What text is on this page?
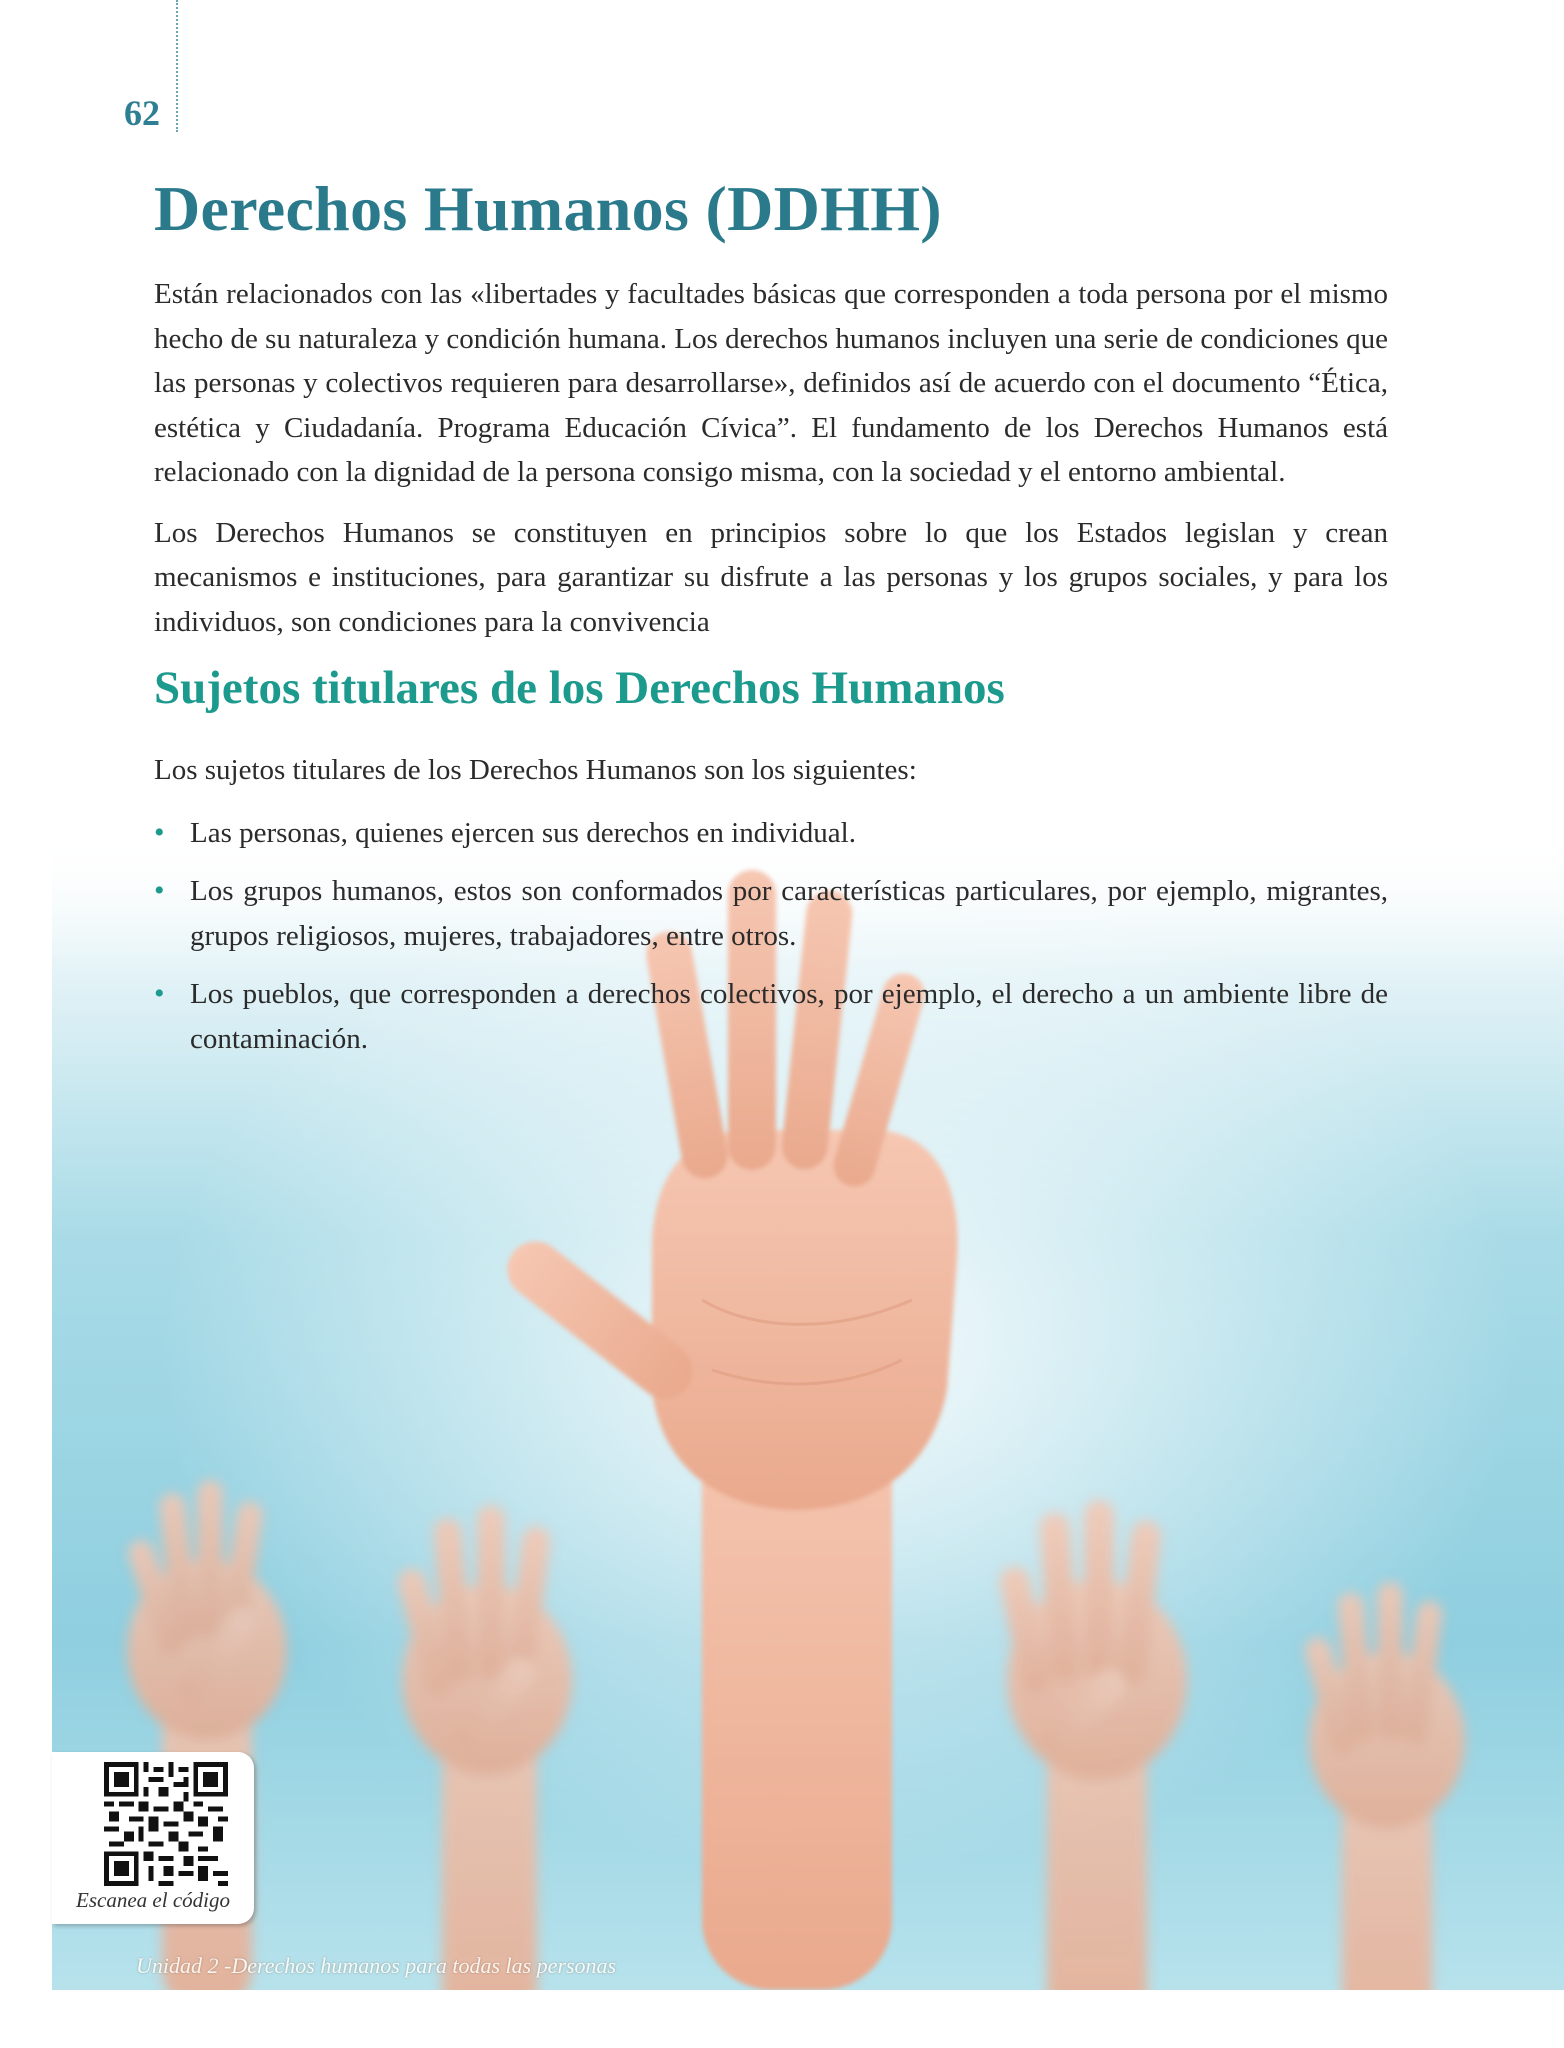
62
Derechos Humanos (DDHH)

Están relacionados con las «libertades y facultades básicas que corresponden a toda persona por el mismo hecho de su naturaleza y condición humana. Los derechos humanos incluyen una serie de condiciones que las personas y colectivos requieren para desarrollarse», definidos así de acuerdo con el documento “Ética, estética y Ciudadanía. Programa Educación Cívica”. El fundamento de los Derechos Humanos está relacionado con la dignidad de la persona consigo misma, con la sociedad y el entorno ambiental.

Los Derechos Humanos se constituyen en principios sobre lo que los Estados legislan y crean mecanismos e instituciones, para garantizar su disfrute a las personas y los grupos sociales, y para los individuos, son condiciones para la convivencia

Sujetos titulares de los Derechos Humanos

Los sujetos titulares de los Derechos Humanos son los siguientes:

• Las personas, quienes ejercen sus derechos en individual.
• Los grupos humanos, estos son conformados por características particulares, por ejemplo, migrantes, grupos religiosos, mujeres, trabajadores, entre otros.
• Los pueblos, que corresponden a derechos colectivos, por ejemplo, el derecho a un ambiente libre de contaminación.
Escanea el código
Unidad 2 -Derechos humanos para todas las personas
